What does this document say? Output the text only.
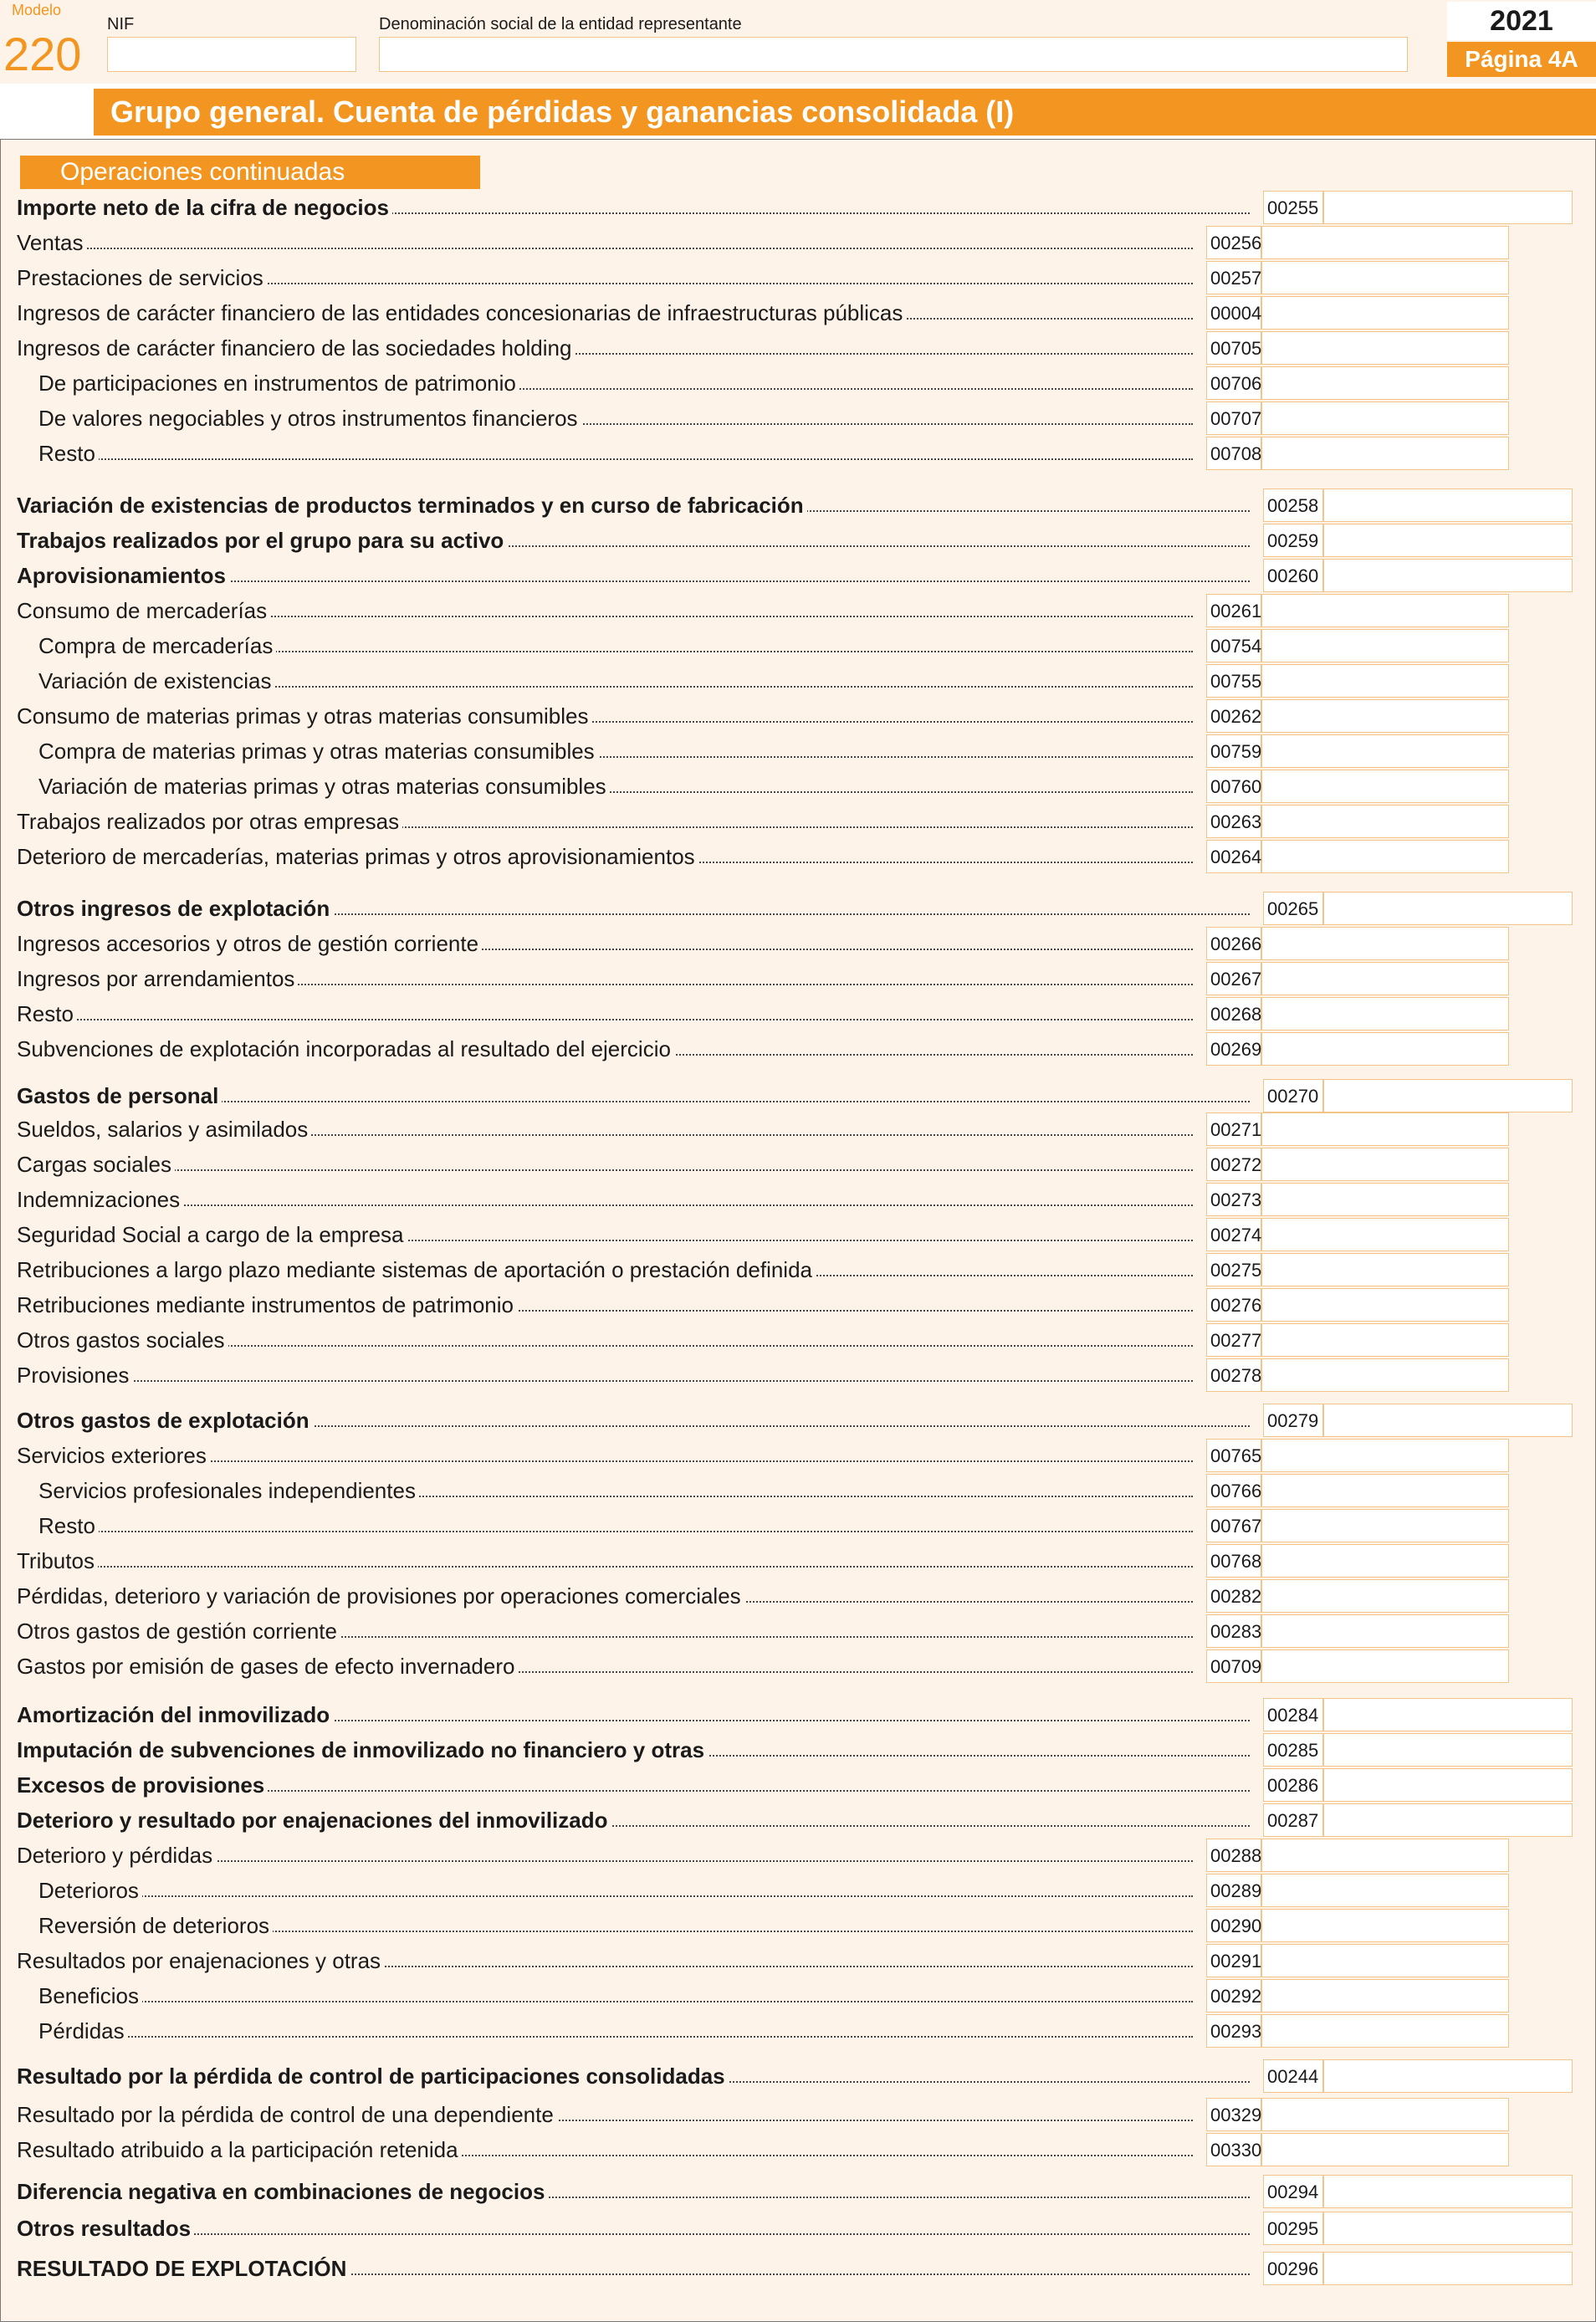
Modelo
220
NIF	Denominación social de la entidad representante	2021
Página 4A
Grupo general. Cuenta de pérdidas y ganancias consolidada (I)
Operaciones continuadas
Importe neto de la cifra de negocios	00255
Ventas	00256
Prestaciones de servicios	00257
Ingresos de carácter financiero de las entidades concesionarias de infraestructuras públicas	00004
Ingresos de carácter financiero de las sociedades holding	00705
De participaciones en instrumentos de patrimonio	00706
De valores negociables y otros instrumentos financieros	00707
Resto	00708
Variación de existencias de productos terminados y en curso de fabricación	00258
Trabajos realizados por el grupo para su activo	00259
Aprovisionamientos	00260
Consumo de mercaderías	00261
Compra de mercaderías	00754
Variación de existencias	00755
Consumo de materias primas y otras materias consumibles	00262
Compra de materias primas y otras materias consumibles	00759
Variación de materias primas y otras materias consumibles	00760
Trabajos realizados por otras empresas	00263
Deterioro de mercaderías, materias primas y otros aprovisionamientos	00264
Otros ingresos de explotación	00265
Ingresos accesorios y otros de gestión corriente	00266
Ingresos por arrendamientos	00267
Resto	00268
Subvenciones de explotación incorporadas al resultado del ejercicio	00269
Gastos de personal	00270
Sueldos, salarios y asimilados	00271
Cargas sociales	00272
Indemnizaciones	00273
Seguridad Social a cargo de la empresa	00274
Retribuciones a largo plazo mediante sistemas de aportación o prestación definida	00275
Retribuciones mediante instrumentos de patrimonio	00276
Otros gastos sociales	00277
Provisiones	00278
Otros gastos de explotación	00279
Servicios exteriores	00765
Servicios profesionales independientes	00766
Resto	00767
Tributos	00768
Pérdidas, deterioro y variación de provisiones por operaciones comerciales	00282
Otros gastos de gestión corriente	00283
Gastos por emisión de gases de efecto invernadero	00709
Amortización del inmovilizado	00284
Imputación de subvenciones de inmovilizado no financiero y otras	00285
Excesos de provisiones	00286
Deterioro y resultado por enajenaciones del inmovilizado	00287
Deterioro y pérdidas	00288
Deterioros	00289
Reversión de deterioros	00290
Resultados por enajenaciones y otras	00291
Beneficios	00292
Pérdidas	00293
Resultado por la pérdida de control de participaciones consolidadas	00244
Resultado por la pérdida de control de una dependiente	00329
Resultado atribuido a la participación retenida	00330
Diferencia negativa en combinaciones de negocios	00294
Otros resultados	00295
RESULTADO DE EXPLOTACIÓN	00296
